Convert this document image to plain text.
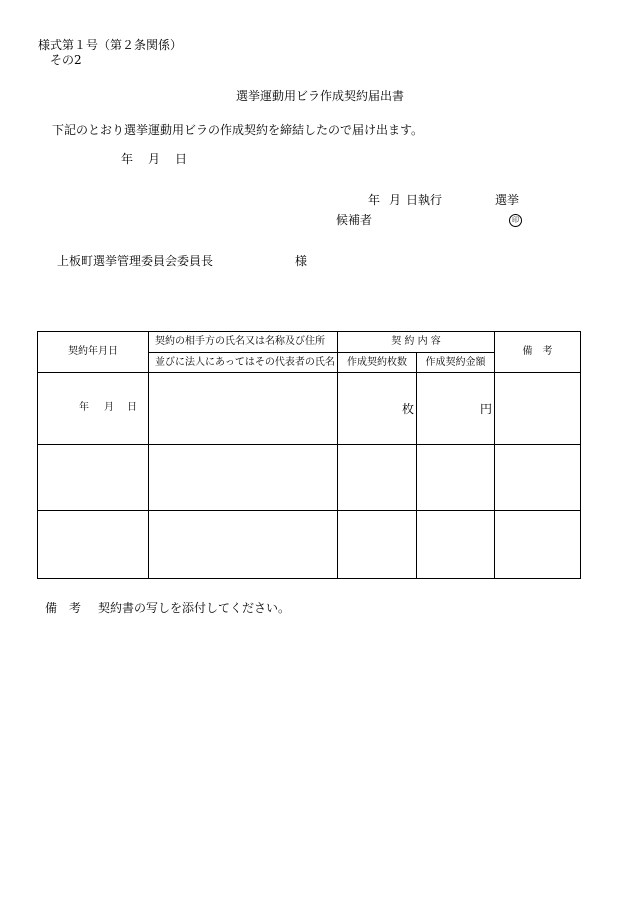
様式第１号（第２条関係）
その2
選挙運動用ビラ作成契約届出書
下記のとおり選挙運動用ビラの作成契約を締結したので届け出ます。
年 月 日
年 月 日執行	選挙
候補者	印
上板町選挙管理委員会委員長	様
契約年月日	契約の相手方の氏名又は名称及び住所	契 約 内 容		備　考
	並びに法人にあってはその代表者の氏名	作成契約枚数	作成契約金額	

年 月 日		枚	円	

備　考 契約書の写しを添付してください。
